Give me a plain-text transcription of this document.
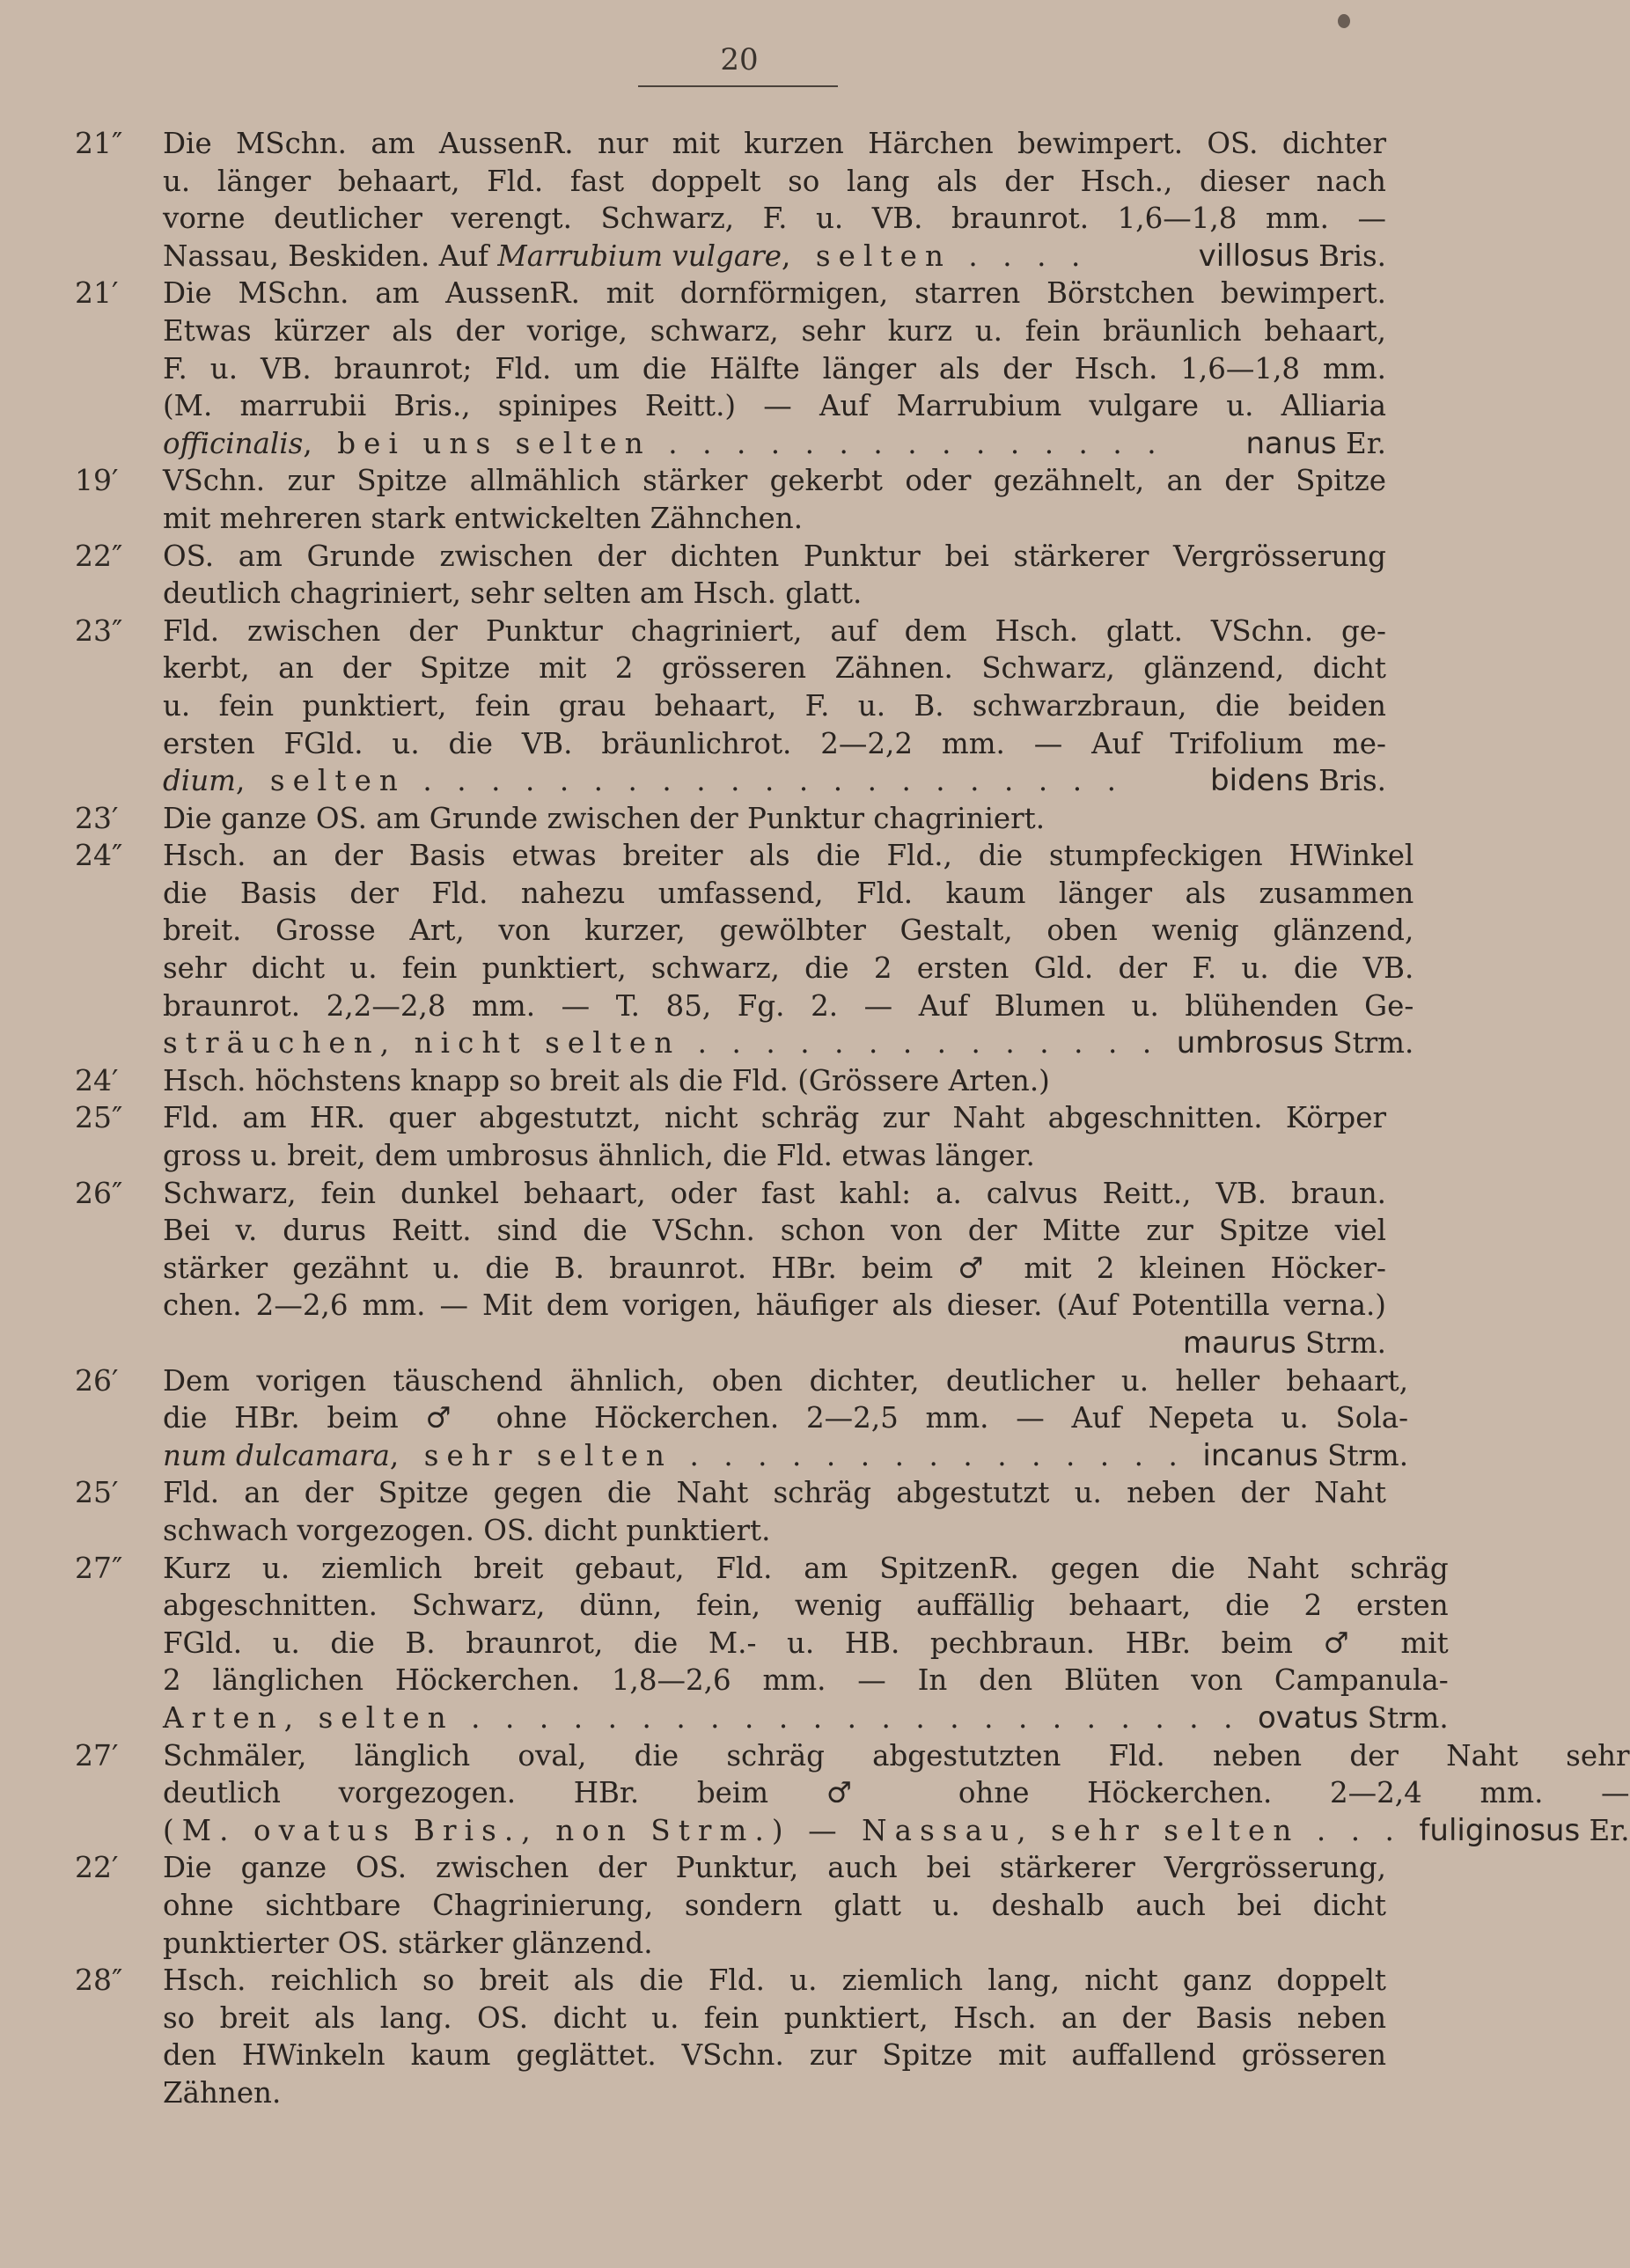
20
21″	Die MSchn. am AussenR. nur mit kurzen Härchen bewimpert. OS. dichter
u. länger behaart, Fld. fast doppelt so lang als der Hsch., dieser nach
vorne deutlicher verengt. Schwarz, F. u. VB. braunrot. 1,6—1,8 mm. —
Nassau, Beskiden. Auf Marrubium vulgare, selten . . . .	villosus Bris.
21′	Die MSchn. am AussenR. mit dornförmigen, starren Börstchen bewimpert.
Etwas kürzer als der vorige, schwarz, sehr kurz u. fein bräunlich behaart,
F. u. VB. braunrot; Fld. um die Hälfte länger als der Hsch. 1,6—1,8 mm.
(M. marrubii Bris., spinipes Reitt.) — Auf Marrubium vulgare u. Alliaria
officinalis, bei uns selten . . . . . . . . . . . . . . . nanus Er.
19′	VSchn. zur Spitze allmählich stärker gekerbt oder gezähnelt, an der Spitze
mit mehreren stark entwickelten Zähnchen.
22″	OS. am Grunde zwischen der dichten Punktur bei stärkerer Vergrösserung
deutlich chagriniert, sehr selten am Hsch. glatt.
23″	Fld. zwischen der Punktur chagriniert, auf dem Hsch. glatt. VSchn. ge-
kerbt, an der Spitze mit 2 grösseren Zähnen. Schwarz, glänzend, dicht
u. fein punktiert, fein grau behaart, F. u. B. schwarzbraun, die beiden
ersten FGld. u. die VB. bräunlichrot. 2—2,2 mm. — Auf Trifolium me-
dium, selten . . . . . . . . . . . . . . . . . . . . . bidens Bris.
23′	Die ganze OS. am Grunde zwischen der Punktur chagriniert.
24″	Hsch. an der Basis etwas breiter als die Fld., die stumpfeckigen HWinkel
die Basis der Fld. nahezu umfassend, Fld. kaum länger als zusammen
breit. Grosse Art, von kurzer, gewölbter Gestalt, oben wenig glänzend,
sehr dicht u. fein punktiert, schwarz, die 2 ersten Gld. der F. u. die VB.
braunrot. 2,2—2,8 mm. — T. 85, Fg. 2. — Auf Blumen u. blühenden Ge-
sträuchen, nicht selten . . . . . . . . . . . . . . umbrosus Strm.
24′	Hsch. höchstens knapp so breit als die Fld. (Grössere Arten.)
25″	Fld. am HR. quer abgestutzt, nicht schräg zur Naht abgeschnitten. Körper
gross u. breit, dem umbrosus ähnlich, die Fld. etwas länger.
26″	Schwarz, fein dunkel behaart, oder fast kahl: a. calvus Reitt., VB. braun.
Bei v. durus Reitt. sind die VSchn. schon von der Mitte zur Spitze viel
stärker gezähnt u. die B. braunrot. HBr. beim ♂ mit 2 kleinen Höcker-
chen. 2—2,6 mm. — Mit dem vorigen, häufiger als dieser. (Auf Potentilla verna.)
maurus Strm.
26′	Dem vorigen täuschend ähnlich, oben dichter, deutlicher u. heller behaart,
die HBr. beim ♂ ohne Höckerchen. 2—2,5 mm. — Auf Nepeta u. Sola-
num dulcamara, sehr selten . . . . . . . . . . . . . . . incanus Strm.
25′	Fld. an der Spitze gegen die Naht schräg abgestutzt u. neben der Naht
schwach vorgezogen. OS. dicht punktiert.
27″	Kurz u. ziemlich breit gebaut, Fld. am SpitzenR. gegen die Naht schräg
abgeschnitten. Schwarz, dünn, fein, wenig auffällig behaart, die 2 ersten
FGld. u. die B. braunrot, die M.- u. HB. pechbraun. HBr. beim ♂ mit
2 länglichen Höckerchen. 1,8—2,6 mm. — In den Blüten von Campanula-
Arten, selten . . . . . . . . . . . . . . . . . . . . . . . ovatus Strm.
27′	Schmäler, länglich oval, die schräg abgestutzten Fld. neben der Naht sehr
deutlich vorgezogen. HBr. beim ♂ ohne Höckerchen. 2—2,4 mm. —
(M. ovatus Bris., non Strm.) — Nassau, sehr selten . . . fuliginosus Er.
22′	Die ganze OS. zwischen der Punktur, auch bei stärkerer Vergrösserung,
ohne sichtbare Chagrinierung, sondern glatt u. deshalb auch bei dicht
punktierter OS. stärker glänzend.
28″	Hsch. reichlich so breit als die Fld. u. ziemlich lang, nicht ganz doppelt
so breit als lang. OS. dicht u. fein punktiert, Hsch. an der Basis neben
den HWinkeln kaum geglättet. VSchn. zur Spitze mit auffallend grösseren
Zähnen.
